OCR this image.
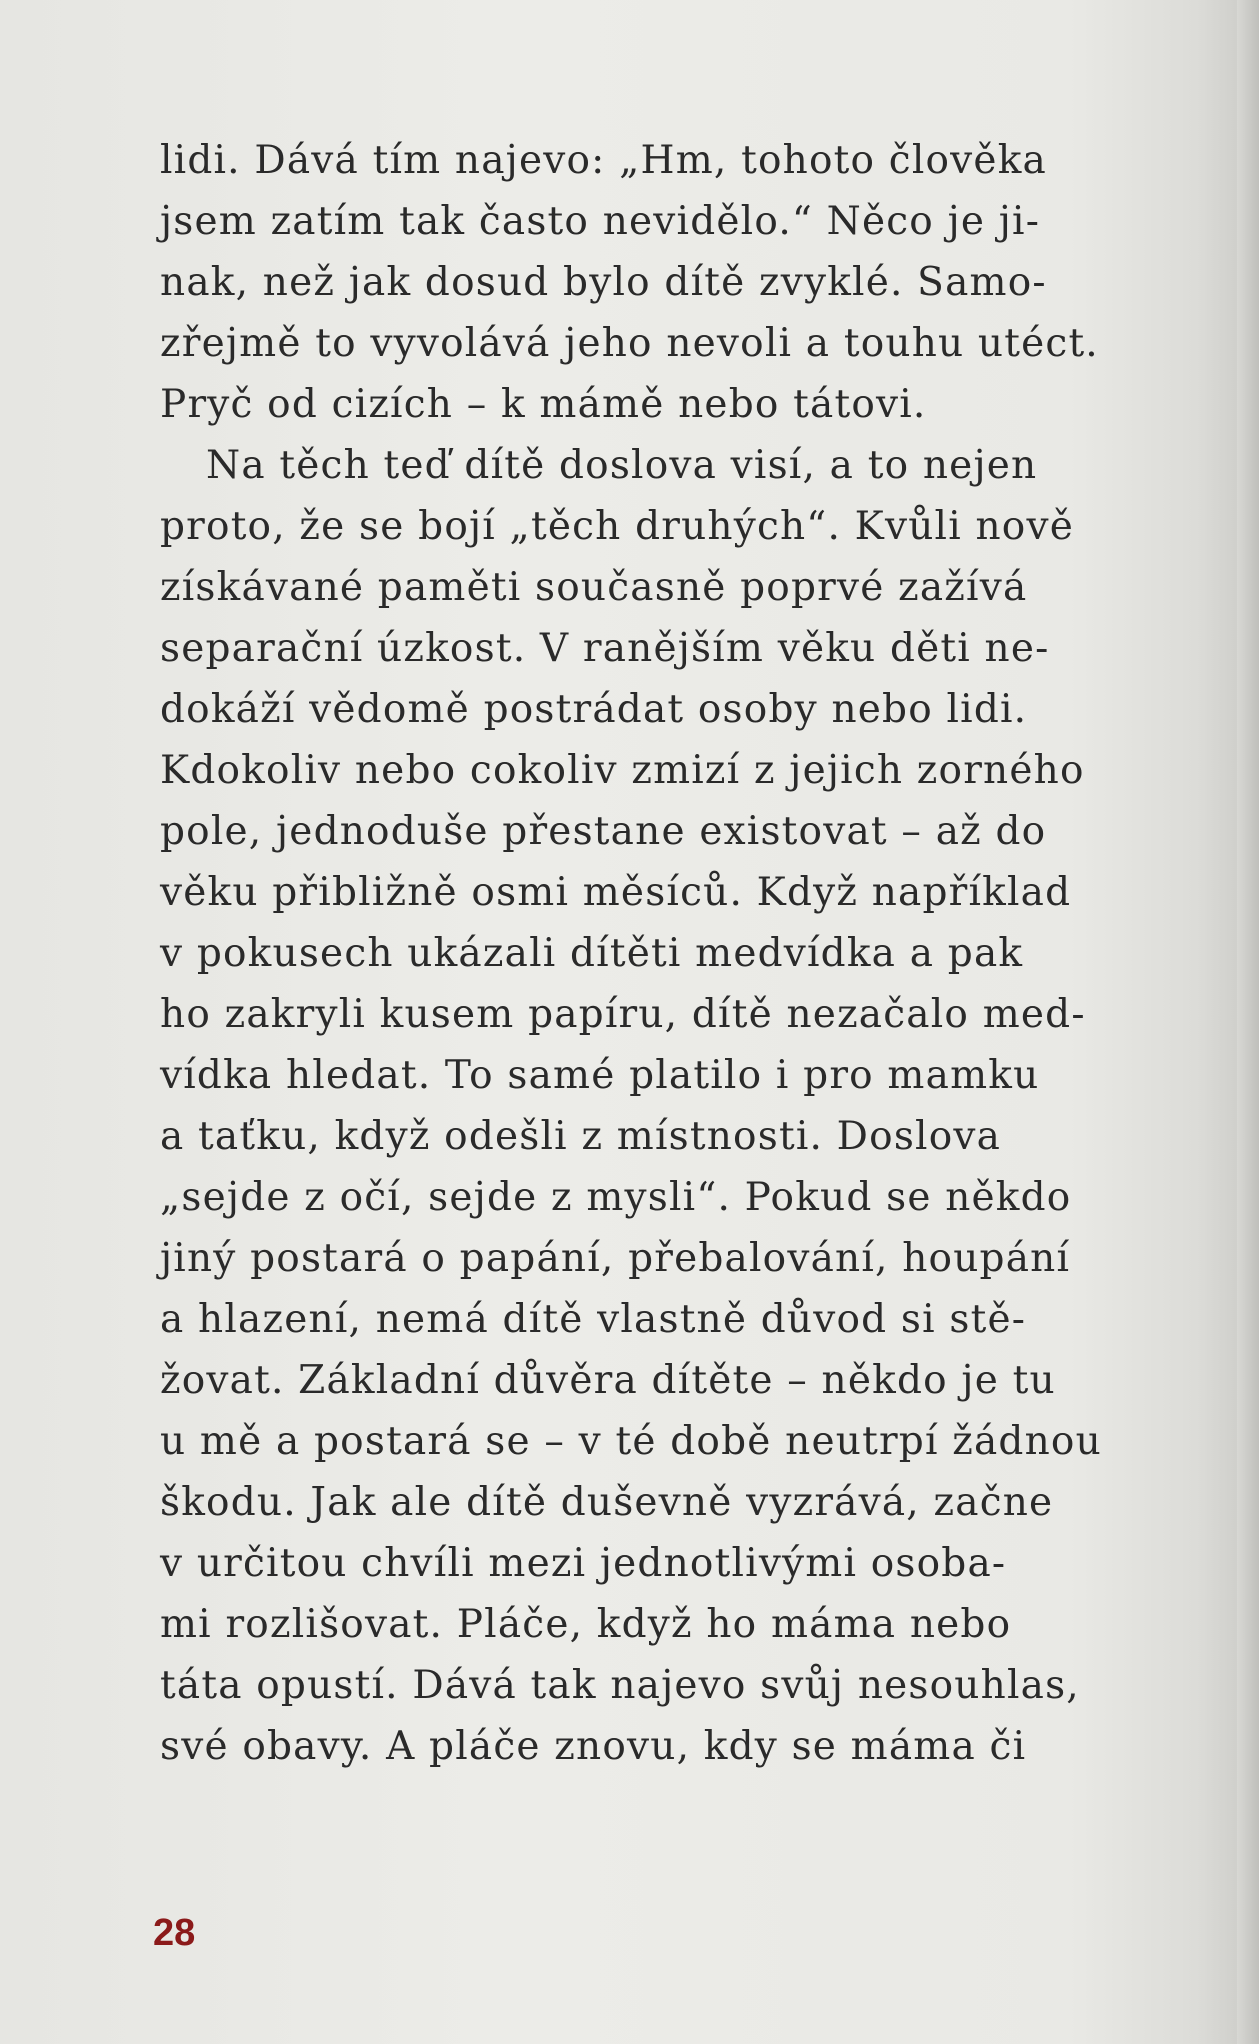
lidi. Dává tím najevo: „Hm, tohoto člověka
jsem zatím tak často nevidělo.“ Něco je ji-
nak, než jak dosud bylo dítě zvyklé. Samo-
zřejmě to vyvolává jeho nevoli a touhu utéct.
Pryč od cizích – k mámě nebo tátovi.
Na těch teď dítě doslova visí, a to nejen
proto, že se bojí „těch druhých“. Kvůli nově
získávané paměti současně poprvé zažívá
separační úzkost. V ranějším věku děti ne-
dokáží vědomě postrádat osoby nebo lidi.
Kdokoliv nebo cokoliv zmizí z jejich zorného
pole, jednoduše přestane existovat – až do
věku přibližně osmi měsíců. Když například
v pokusech ukázali dítěti medvídka a pak
ho zakryli kusem papíru, dítě nezačalo med-
vídka hledat. To samé platilo i pro mamku
a taťku, když odešli z místnosti. Doslova
„sejde z očí, sejde z mysli“. Pokud se někdo
jiný postará o papání, přebalování, houpání
a hlazení, nemá dítě vlastně důvod si stě-
žovat. Základní důvěra dítěte – někdo je tu
u mě a postará se – v té době neutrpí žádnou
škodu. Jak ale dítě duševně vyzrává, začne
v určitou chvíli mezi jednotlivými osoba-
mi rozlišovat. Pláče, když ho máma nebo
táta opustí. Dává tak najevo svůj nesouhlas,
své obavy. A pláče znovu, kdy se máma či
28
